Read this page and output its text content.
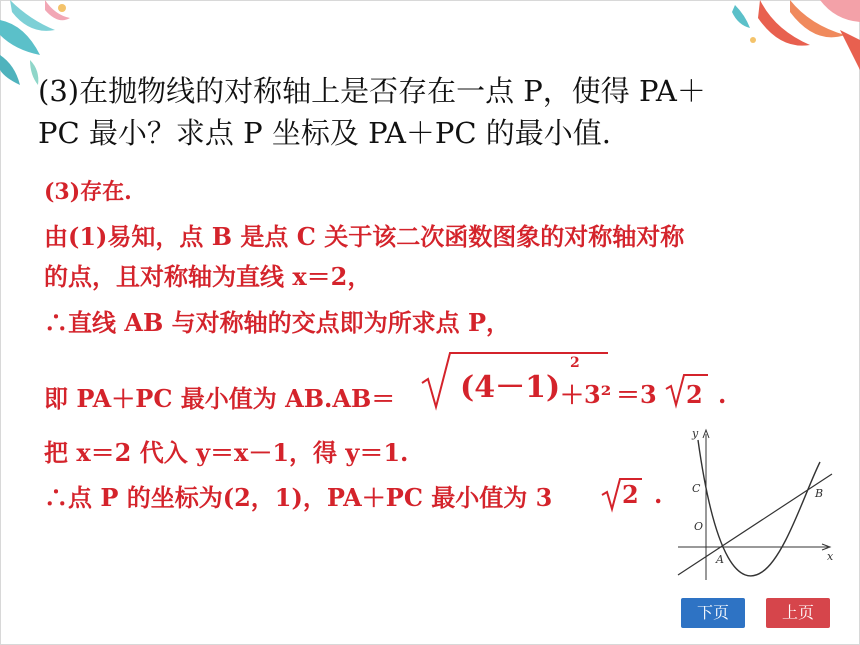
(3)在抛物线的对称轴上是否存在一点 P，使得 PA＋
PC 最小？求点 P 坐标及 PA＋PC 的最小值.
(3)存在.
由(1)易知，点 B 是点 C 关于该二次函数图象的对称轴对称
的点，且对称轴为直线 x＝2，
∴直线 AB 与对称轴的交点即为所求点 P，
即 PA＋PC 最小值为 AB.AB＝ (4－1)
2
＋3² ＝3 2 .
把 x＝2 代入 y＝x－1，得 y＝1.
∴点 P 的坐标为(2，1)，PA＋PC 最小值为 3	2 .
y
x
C	B
O
A
下页	上页
